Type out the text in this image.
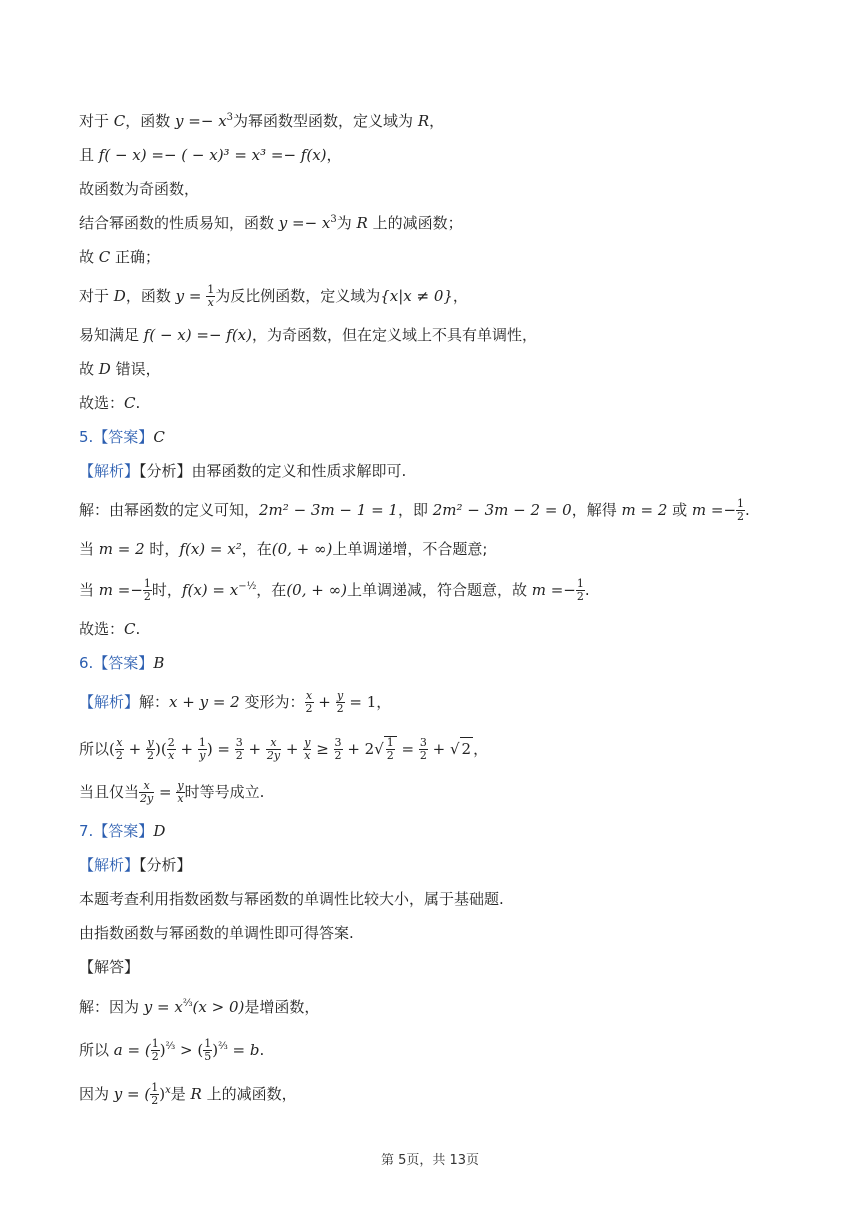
对于 C，函数 $y =- x^3$为幂函数型函数，定义域为 R，
且 f( − x) =− ( − x)³ = x³ =− f(x)，
故函数为奇函数，
结合幂函数的性质易知，函数 $y =- x^3$为 R 上的减函数；
故 C 正确；
对于 D，函数 $y = \frac{1}{x}$ 为反比例函数，定义域为{x|x ≠ 0}，
易知满足 f( − x) =− f(x)，为奇函数，但在定义域上不具有单调性，
故 D 错误，
故选：C.
5.【答案】C
【解析】【分析】由幂函数的定义和性质求解即可.
解：由幂函数的定义可知，2m² − 3m − 1 = 1，即 2m² − 3m − 2 = 0，解得 m = 2 或 $m =- \frac{1}{2}$ .
当 m = 2 时，f(x) = x²，在(0, + ∞)上单调递增，不合题意;
当 $m =- \frac{1}{2}$ 时，$f(x) = x^{-\frac{1}{2}}$，在(0, + ∞)上单调递减，符合题意，故 $m =- \frac{1}{2}$ .
故选：C.
6.【答案】B
【解析】解：x + y = 2 变形为： $\frac{x}{2} + \frac{y}{2} = 1$，
所以( $\frac{x}{2} + \frac{y}{2}$ )( $\frac{2}{x} + \frac{1}{y}$ ) = $\frac{3}{2} + \frac{x}{2y} + \frac{y}{x} \ge \frac{3}{2} + 2√ \frac{1}{2} = \frac{3}{2}$ + √ 2 ，
当且仅当 $\frac{x}{2y} = \frac{y}{x}$ 时等号成立.
7.【答案】D
【解析】【分析】
本题考查利用指数函数与幂函数的单调性比较大小，属于基础题.
由指数函数与幂函数的单调性即可得答案.
【解答】
解：因为 $y = x^{\frac{2}{3}}(x > 0)$是增函数，
所以 a = ( $\frac{1}{2} )^{\frac{2}{3}}$ > ( $\frac{1}{5} )^{\frac{2}{3}} = b$.
因为 y = ( $\frac{1}{2} )^x$是 R 上的减函数，
第 5页，共 13页
